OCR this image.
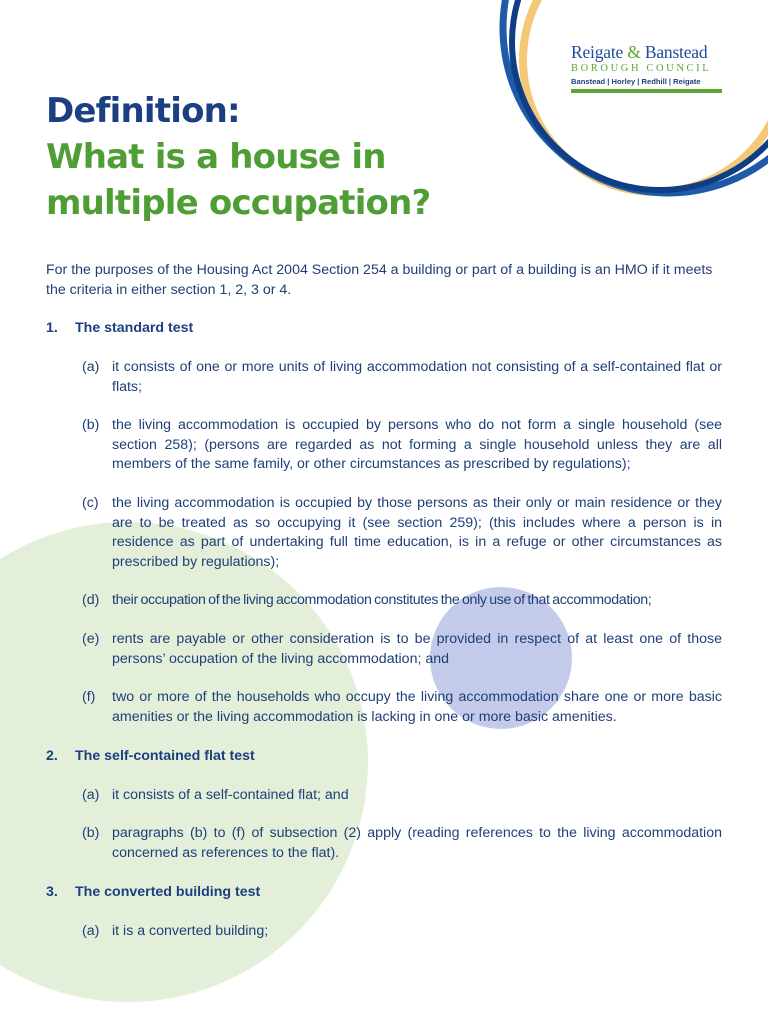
Reigate & Banstead
BOROUGH COUNCIL
Banstead | Horley | Redhill | Reigate
Definition:
What is a house in
multiple occupation?

For the purposes of the Housing Act 2004 Section 254 a building or part of a building is an HMO if it meets the criteria in either section 1, 2, 3 or 4.

1. The standard test
(a) it consists of one or more units of living accommodation not consisting of a self-contained flat or flats;
(b) the living accommodation is occupied by persons who do not form a single household (see section 258); (persons are regarded as not forming a single household unless they are all members of the same family, or other circumstances as prescribed by regulations);
(c) the living accommodation is occupied by those persons as their only or main residence or they are to be treated as so occupying it (see section 259); (this includes where a person is in residence as part of undertaking full time education, is in a refuge or other circumstances as prescribed by regulations);
(d) their occupation of the living accommodation constitutes the only use of that accommodation;
(e) rents are payable or other consideration is to be provided in respect of at least one of those persons’ occupation of the living accommodation; and
(f) two or more of the households who occupy the living accommodation share one or more basic amenities or the living accommodation is lacking in one or more basic amenities.
2. The self-contained flat test
(a) it consists of a self-contained flat; and
(b) paragraphs (b) to (f) of subsection (2) apply (reading references to the living accommodation concerned as references to the flat).
3. The converted building test
(a) it is a converted building;
